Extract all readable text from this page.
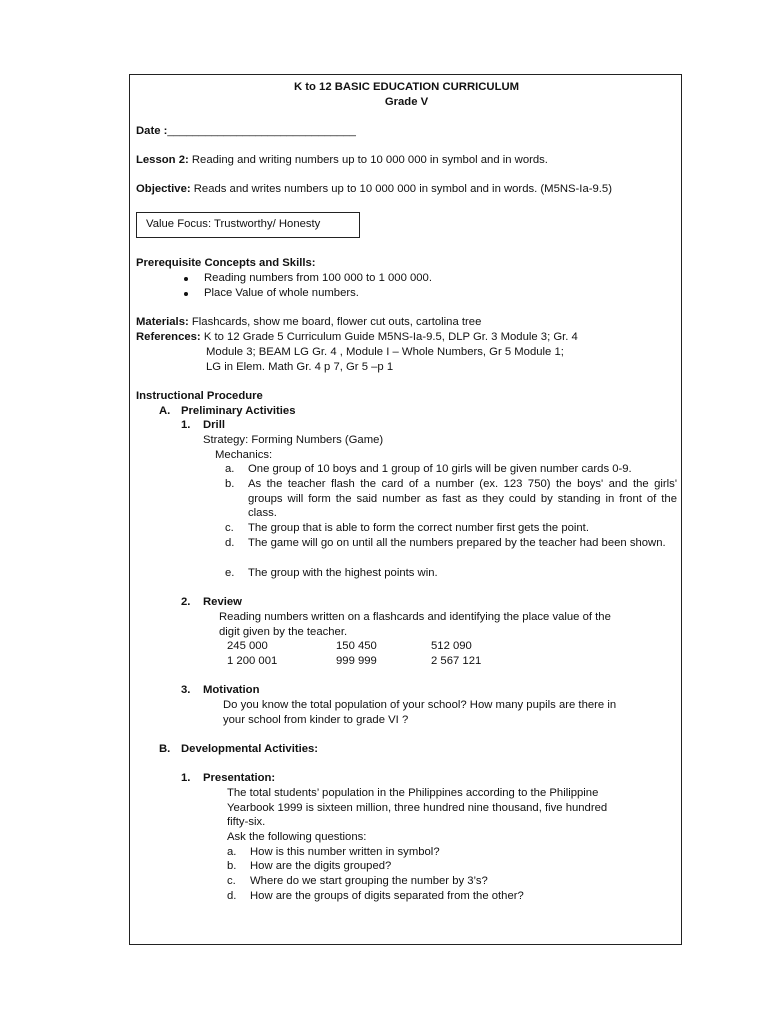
K to 12 BASIC EDUCATION CURRICULUM
Grade V
Date :______________________________
Lesson 2: Reading and writing numbers up to 10 000 000 in symbol and in words.
Objective: Reads and writes numbers up to 10 000 000 in symbol and in words. (M5NS-Ia-9.5)
Value Focus: Trustworthy/ Honesty
Prerequisite Concepts and Skills:
Reading numbers from 100 000 to 1 000 000.
Place Value of whole numbers.
Materials: Flashcards, show me board, flower cut outs, cartolina tree
References: K to 12 Grade 5 Curriculum Guide M5NS-Ia-9.5, DLP Gr. 3 Module 3; Gr. 4
Module 3; BEAM LG Gr. 4 , Module I – Whole Numbers, Gr 5 Module 1;
LG in Elem. Math Gr. 4 p 7, Gr 5 –p 1
Instructional Procedure
A. Preliminary Activities
1. Drill
Strategy: Forming Numbers (Game)
Mechanics:
a. One group of 10 boys and 1 group of 10 girls will be given number cards 0-9.
b. As the teacher flash the card of a number (ex. 123 750) the boys' and the girls' groups will form the said number as fast as they could by standing in front of the class.
c. The group that is able to form the correct number first gets the point.
d. The game will go on until all the numbers prepared by the teacher had been shown.
e. The group with the highest points win.
2. Review
Reading numbers written on a flashcards and identifying the place value of the
digit given by the teacher.
245 000	150 450	512 090
1 200 001	999 999	2 567 121
3. Motivation
Do you know the total population of your school? How many pupils are there in
your school from kinder to grade VI ?
B. Developmental Activities:
1. Presentation:
The total students’ population in the Philippines according to the Philippine
Yearbook 1999 is sixteen million, three hundred nine thousand, five hundred
fifty-six.
Ask the following questions:
a. How is this number written in symbol?
b. How are the digits grouped?
c. Where do we start grouping the number by 3’s?
d. How are the groups of digits separated from the other?
